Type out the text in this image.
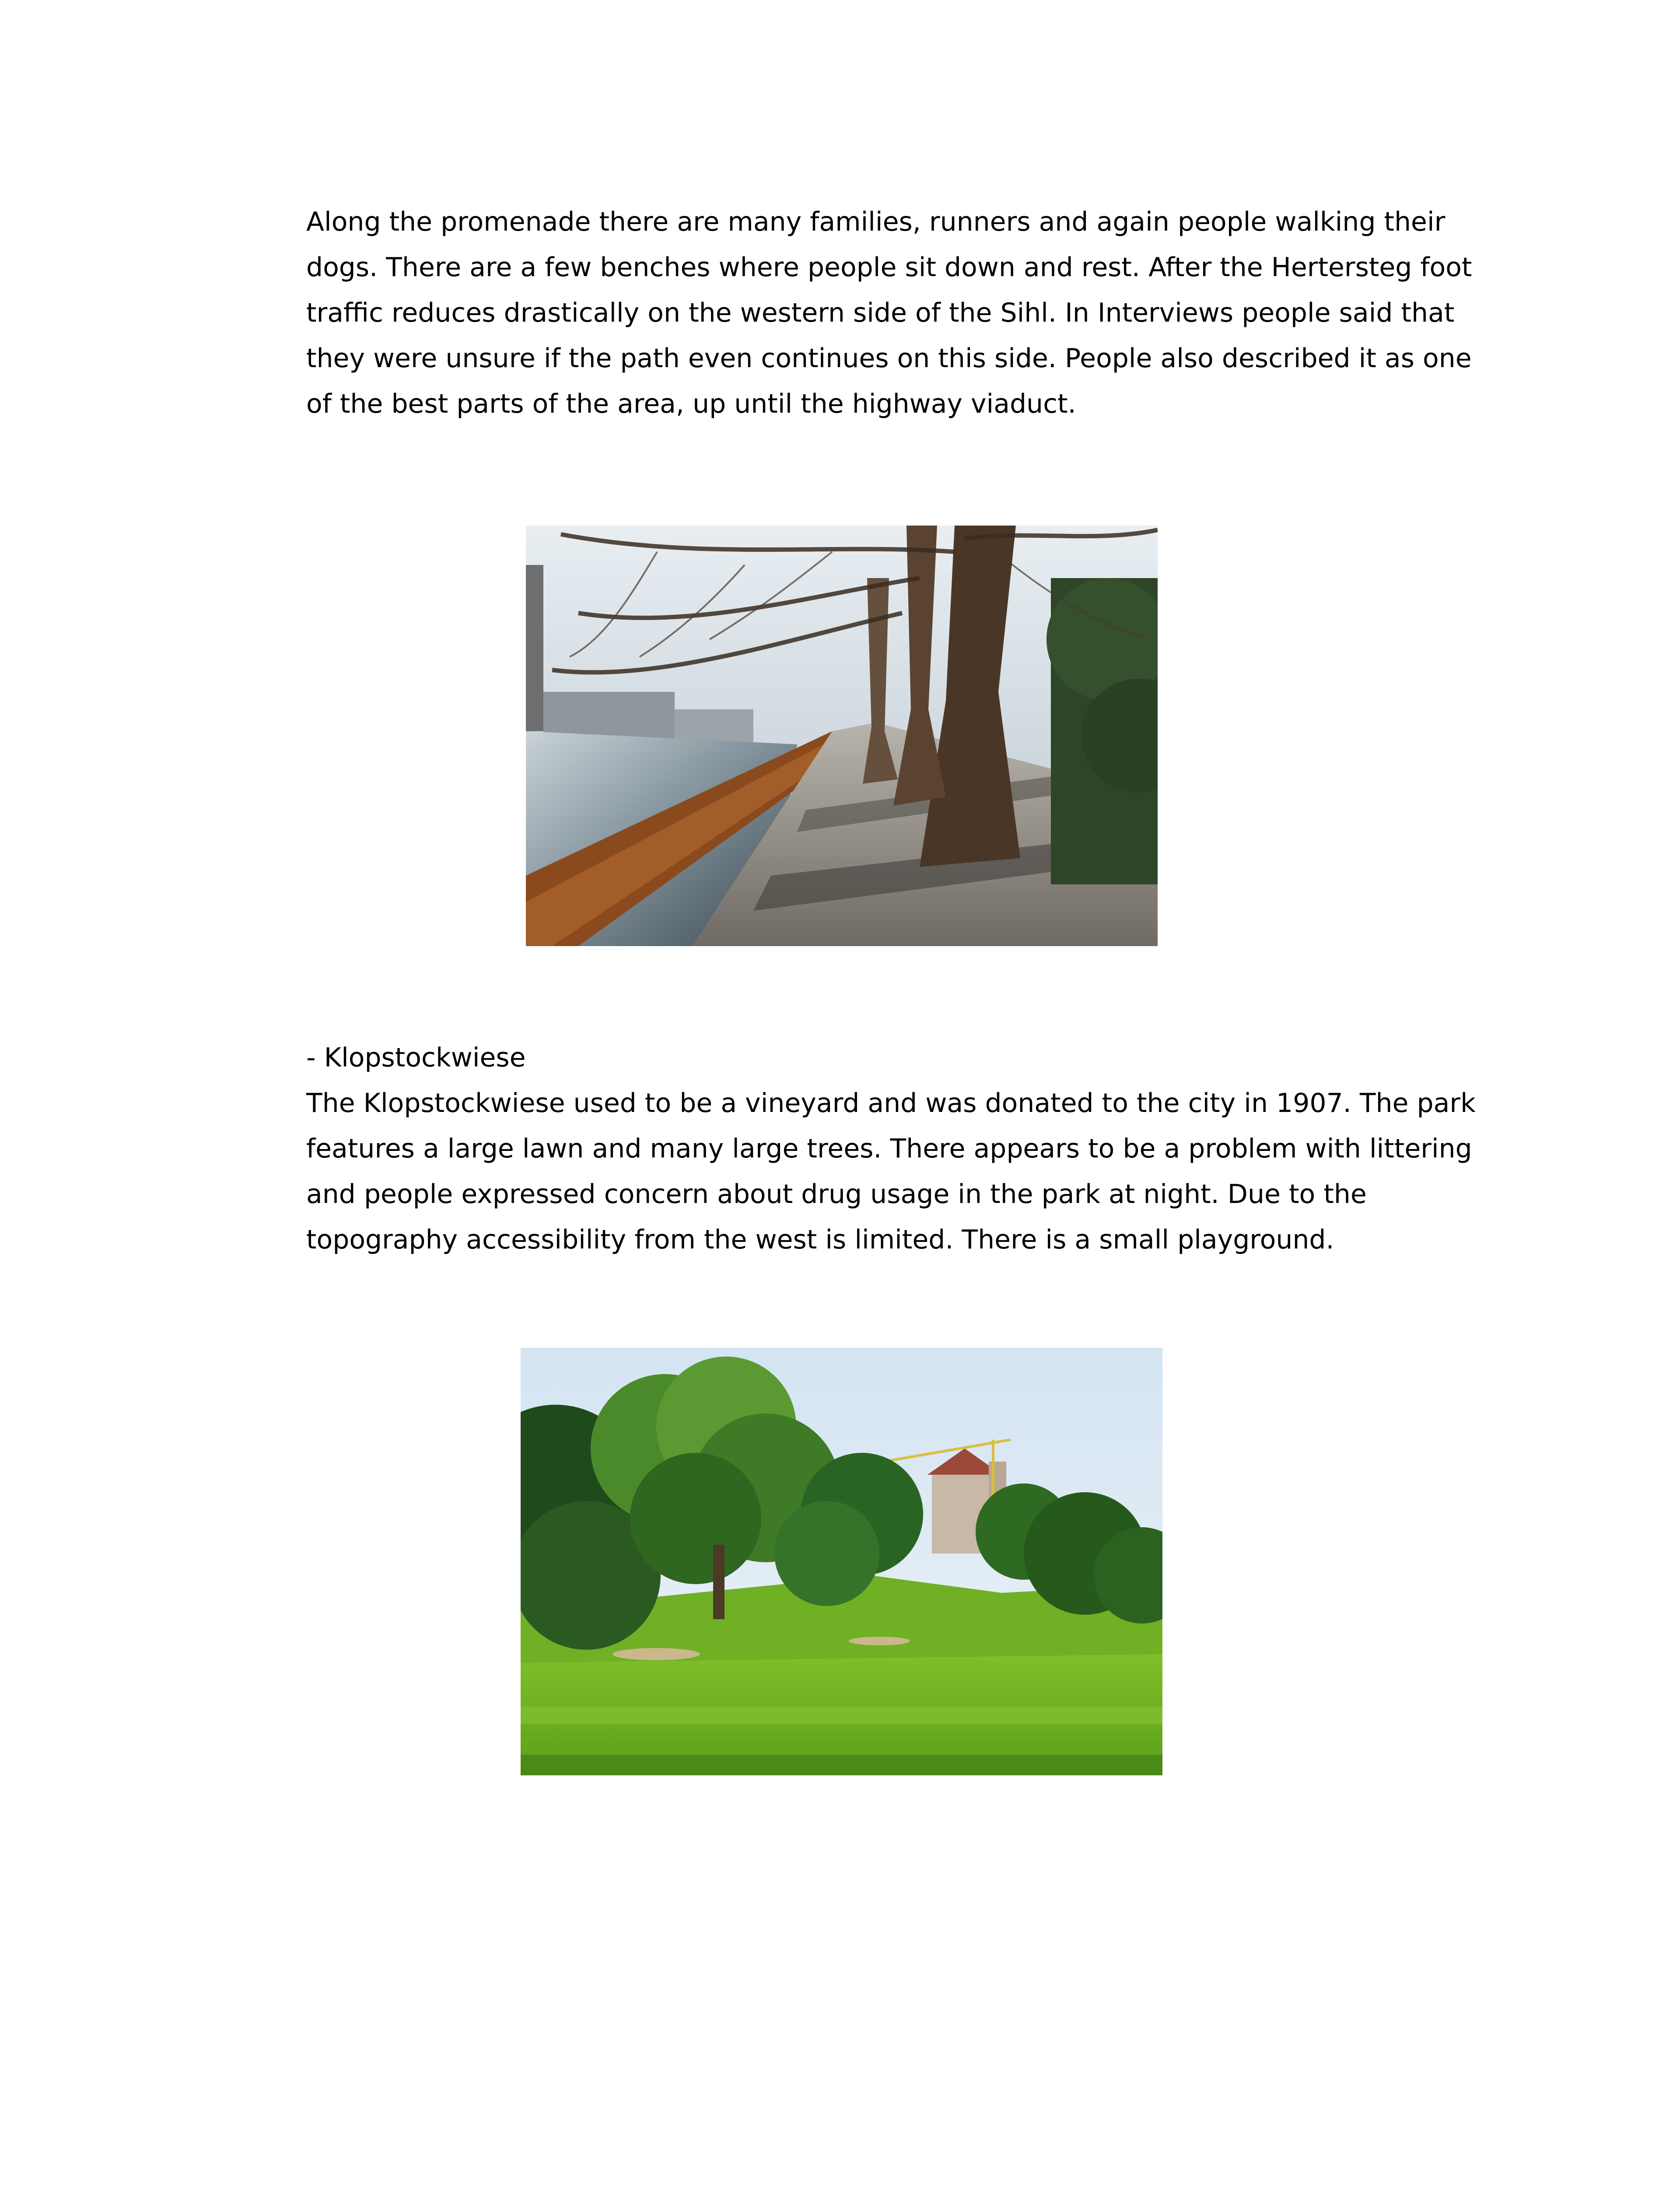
Along the promenade there are many families, runners and again people walking their dogs. There are a few benches where people sit down and rest. After the Hertersteg foot traffic reduces drastically on the western side of the Sihl. In Interviews people said that they were unsure if the path even continues on this side. People also described it as one of the best parts of the area, up until the highway viaduct.

- Klopstockwiese

The Klopstockwiese used to be a vineyard and was donated to the city in 1907. The park features a large lawn and many large trees. There appears to be a problem with littering and people expressed concern about drug usage in the park at night. Due to the topography accessibility from the west is limited. There is a small playground.
